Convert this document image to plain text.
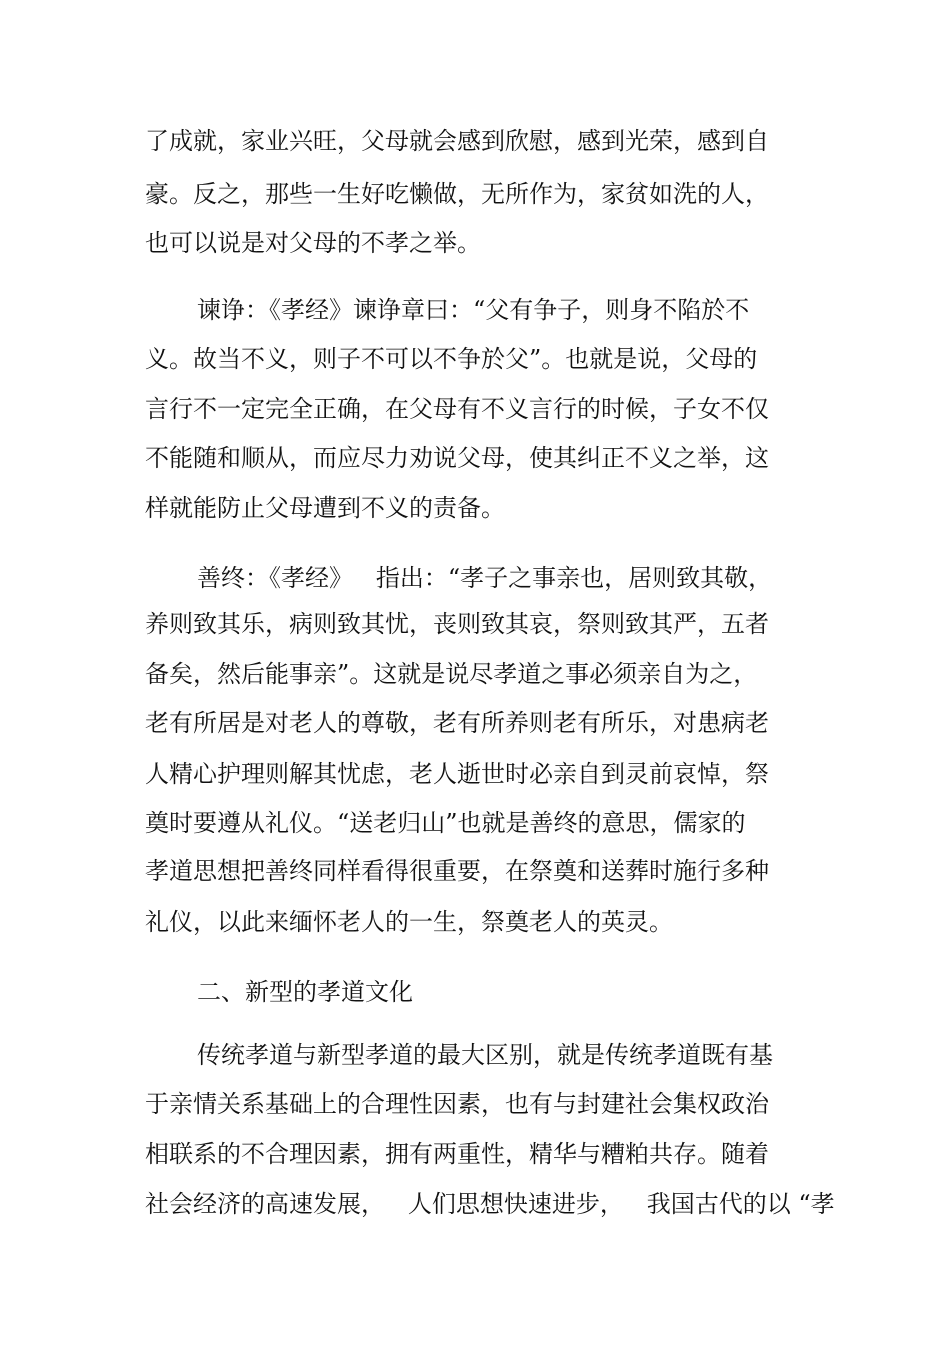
了成就，家业兴旺，父母就会感到欣慰，感到光荣，感到自

豪。反之，那些一生好吃懒做，无所作为，家贫如洗的人，

也可以说是对父母的不孝之举。

谏诤：《孝经》谏诤章曰：“父有争子，则身不陷於不

义。故当不义，则子不可以不争於父”。也就是说，父母的

言行不一定完全正确，在父母有不义言行的时候，子女不仅

不能随和顺从，而应尽力劝说父母，使其纠正不义之举，这

样就能防止父母遭到不义的责备。

善终：《孝经》   指出：“孝子之事亲也，居则致其敬，

养则致其乐，病则致其忧，丧则致其哀，祭则致其严，五者

备矣，然后能事亲”。这就是说尽孝道之事必须亲自为之，

老有所居是对老人的尊敬，老有所养则老有所乐，对患病老

人精心护理则解其忧虑，老人逝世时必亲自到灵前哀悼，祭

奠时要遵从礼仪。“送老归山”也就是善终的意思，儒家的

孝道思想把善终同样看得很重要，在祭奠和送葬时施行多种

礼仪，以此来缅怀老人的一生，祭奠老人的英灵。

二、新型的孝道文化

传统孝道与新型孝道的最大区别，就是传统孝道既有基

于亲情关系基础上的合理性因素，也有与封建社会集权政治

相联系的不合理因素，拥有两重性，精华与糟粕共存。随着

社会经济的高速发展，   人们思想快速进步，   我国古代的以 “孝
